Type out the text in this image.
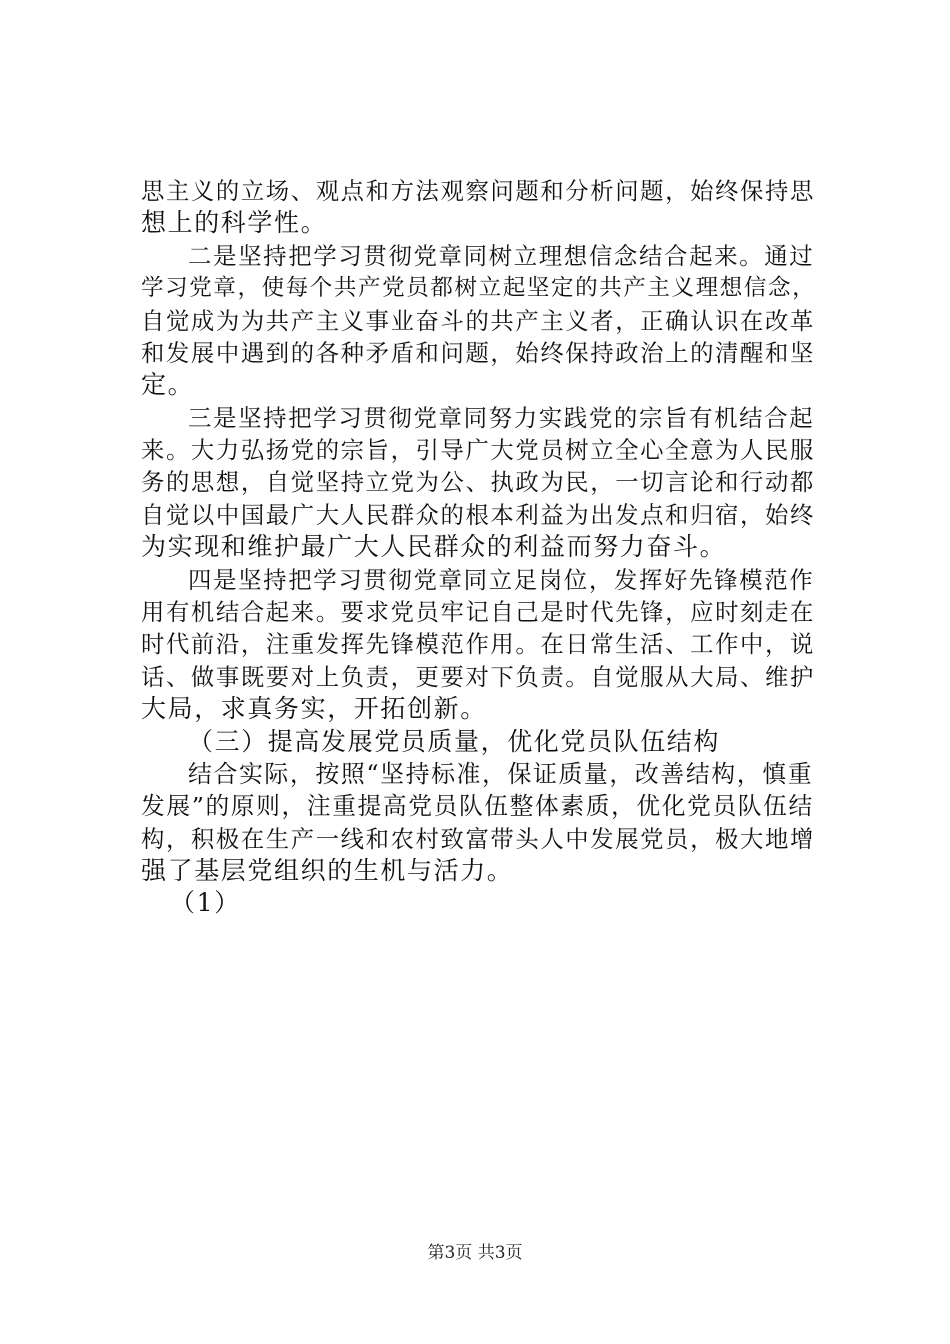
思主义的立场、观点和方法观察问题和分析问题，始终保持思
想上的科学性。
二是坚持把学习贯彻党章同树立理想信念结合起来。通过
学习党章，使每个共产党员都树立起坚定的共产主义理想信念，
自觉成为为共产主义事业奋斗的共产主义者，正确认识在改革
和发展中遇到的各种矛盾和问题，始终保持政治上的清醒和坚
定。
三是坚持把学习贯彻党章同努力实践党的宗旨有机结合起
来。大力弘扬党的宗旨，引导广大党员树立全心全意为人民服
务的思想，自觉坚持立党为公、执政为民，一切言论和行动都
自觉以中国最广大人民群众的根本利益为出发点和归宿，始终
为实现和维护最广大人民群众的利益而努力奋斗。
四是坚持把学习贯彻党章同立足岗位，发挥好先锋模范作
用有机结合起来。要求党员牢记自己是时代先锋，应时刻走在
时代前沿，注重发挥先锋模范作用。在日常生活、工作中，说
话、做事既要对上负责，更要对下负责。自觉服从大局、维护
大局，求真务实，开拓创新。
（三）提高发展党员质量，优化党员队伍结构
结合实际，按照“坚持标准，保证质量，改善结构，慎重
发展”的原则，注重提高党员队伍整体素质，优化党员队伍结
构，积极在生产一线和农村致富带头人中发展党员，极大地增
强了基层党组织的生机与活力。
（1）
第3页 共3页
